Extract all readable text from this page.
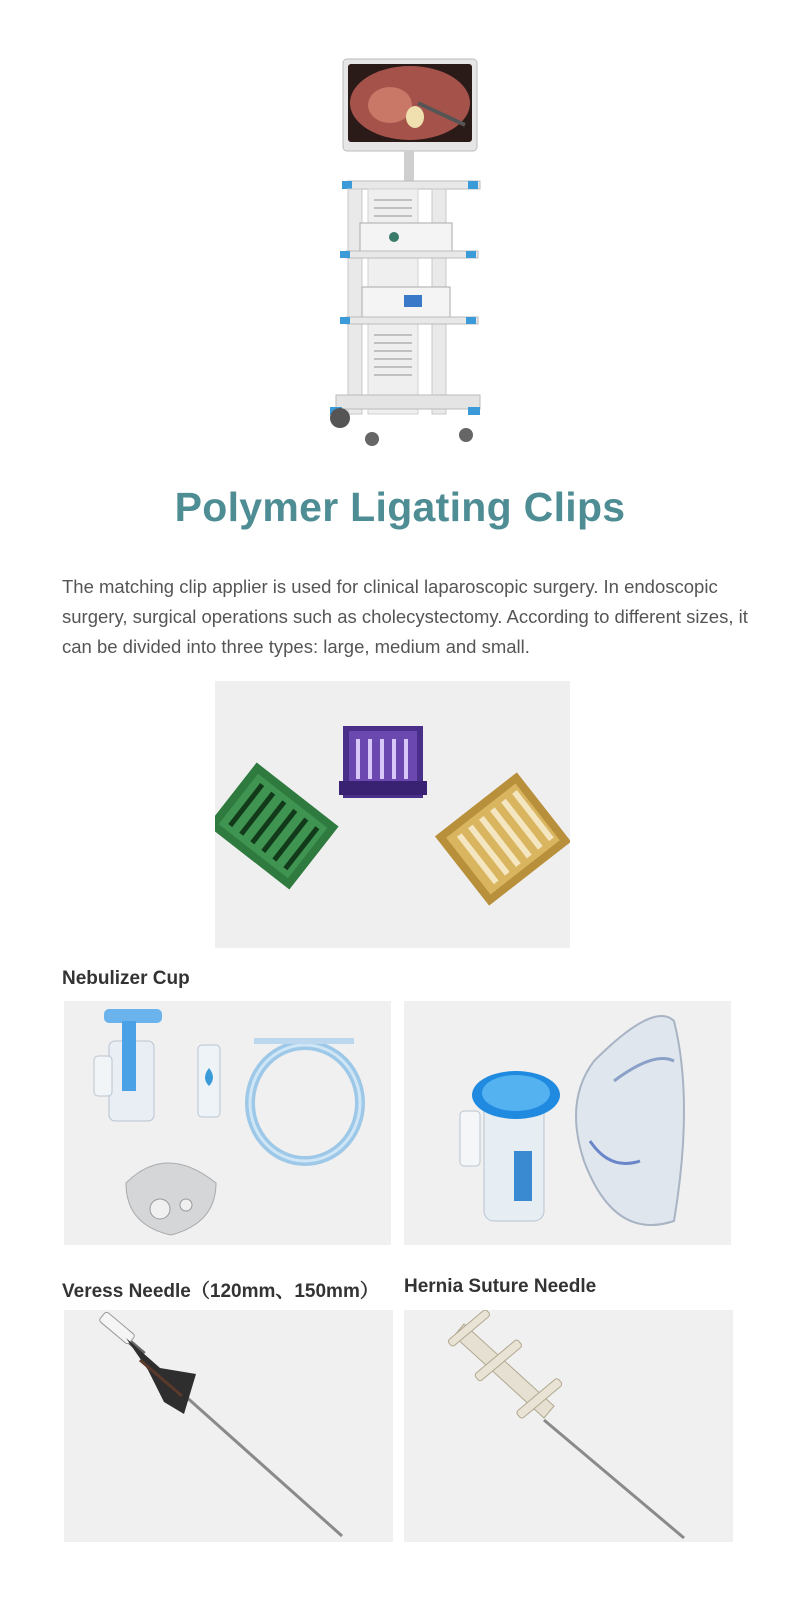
Polymer Ligating Clips
The matching clip applier is used for clinical laparoscopic surgery. In endoscopic surgery, surgical operations such as cholecystectomy. According to different sizes, it can be divided into three types: large, medium and small.
Nebulizer Cup
Veress Needle（120mm、150mm） Hernia Suture Needle
